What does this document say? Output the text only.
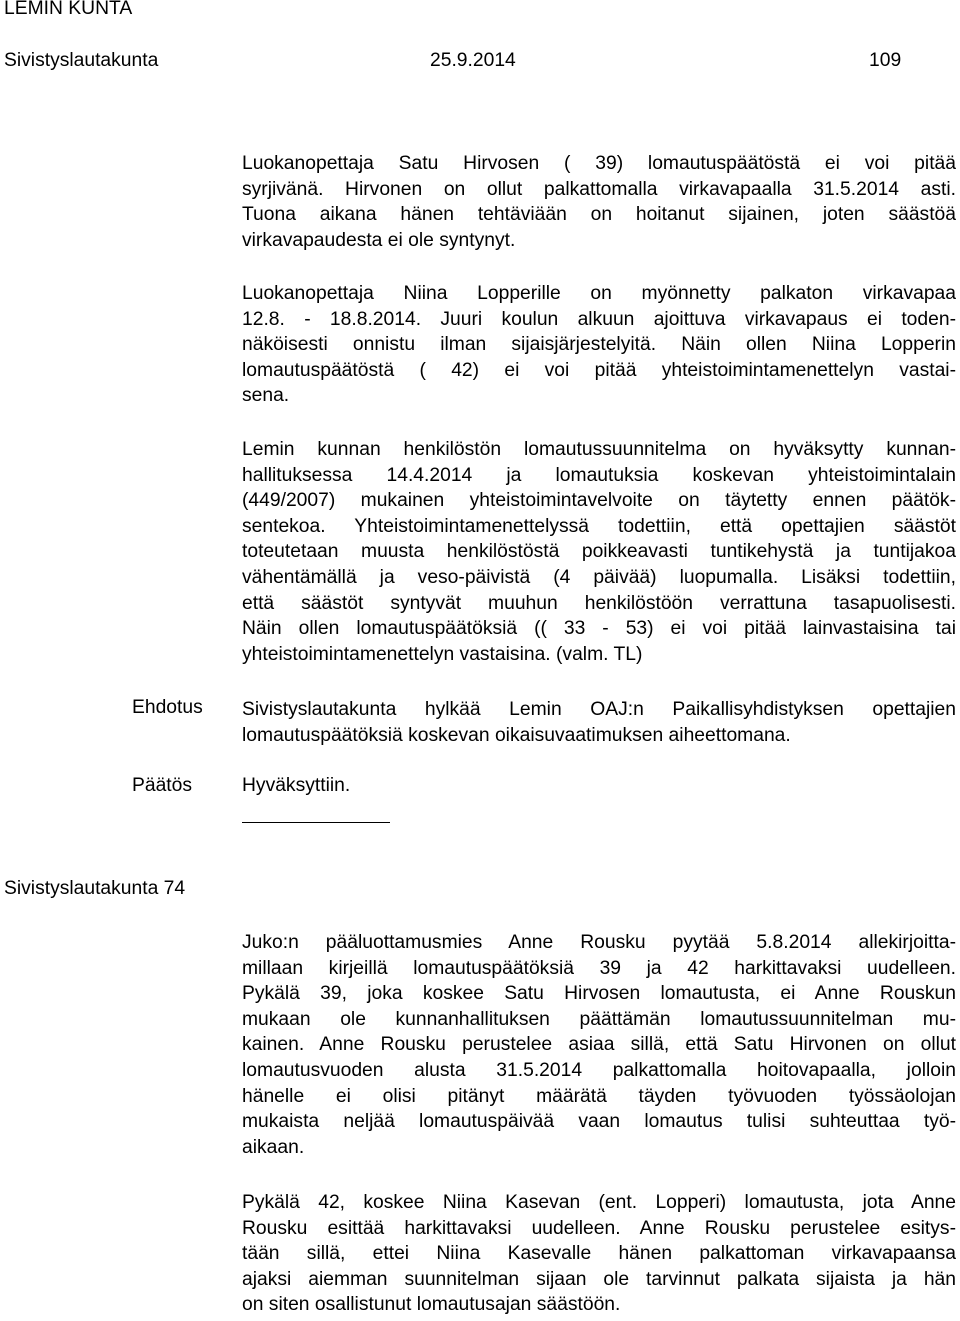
LEMIN KUNTA
Sivistyslautakunta	25.9.2014	109
Luokanopettaja Satu Hirvosen ( 39) lomautuspäätöstä ei voi pitää
syrjivänä. Hirvonen on ollut palkattomalla virkavapaalla 31.5.2014 asti.
Tuona aikana hänen tehtäviään on hoitanut sijainen, joten säästöä
virkavapaudesta ei ole syntynyt.
Luokanopettaja Niina Lopperille on myönnetty palkaton virkavapaa
12.8. - 18.8.2014. Juuri koulun alkuun ajoittuva virkavapaus ei toden-
näköisesti onnistu ilman sijaisjärjestelyitä. Näin ollen Niina Lopperin
lomautuspäätöstä ( 42) ei voi pitää yhteistoimintamenettelyn vastai-
sena.
Lemin kunnan henkilöstön lomautussuunnitelma on hyväksytty kunnan-
hallituksessa 14.4.2014 ja lomautuksia koskevan yhteistoimintalain
(449/2007) mukainen yhteistoimintavelvoite on täytetty ennen päätök-
sentekoa. Yhteistoimintamenettelyssä todettiin, että opettajien säästöt
toteutetaan muusta henkilöstöstä poikkeavasti tuntikehystä ja tuntijakoa
vähentämällä ja veso-päivistä (4 päivää) luopumalla. Lisäksi todettiin,
että säästöt syntyvät muuhun henkilöstöön verrattuna tasapuolisesti.
Näin ollen lomautuspäätöksiä (( 33 - 53) ei voi pitää lainvastaisina tai
yhteistoimintamenettelyn vastaisina. (valm. TL)
Ehdotus Sivistyslautakunta hylkää Lemin OAJ:n Paikallisyhdistyksen opettajien
lomautuspäätöksiä koskevan oikaisuvaatimuksen aiheettomana.
Päätös	Hyväksyttiin.
Sivistyslautakunta 74
Juko:n pääluottamusmies Anne Rousku pyytää 5.8.2014 allekirjoitta-
millaan kirjeillä lomautuspäätöksiä 39 ja 42 harkittavaksi uudelleen.
Pykälä 39, joka koskee Satu Hirvosen lomautusta, ei Anne Rouskun
mukaan ole kunnanhallituksen päättämän lomautussuunnitelman mu-
kainen. Anne Rousku perustelee asiaa sillä, että Satu Hirvonen on ollut
lomautusvuoden alusta 31.5.2014 palkattomalla hoitovapaalla, jolloin
hänelle ei olisi pitänyt määrätä täyden työvuoden työssäolojan
mukaista neljää lomautuspäivää vaan lomautus tulisi suhteuttaa työ-
aikaan.
Pykälä 42, koskee Niina Kasevan (ent. Lopperi) lomautusta, jota Anne
Rousku esittää harkittavaksi uudelleen. Anne Rousku perustelee esitys-
tään sillä, ettei Niina Kasevalle hänen palkattoman virkavapaansa
ajaksi aiemman suunnitelman sijaan ole tarvinnut palkata sijaista ja hän
on siten osallistunut lomautusajan säästöön.
